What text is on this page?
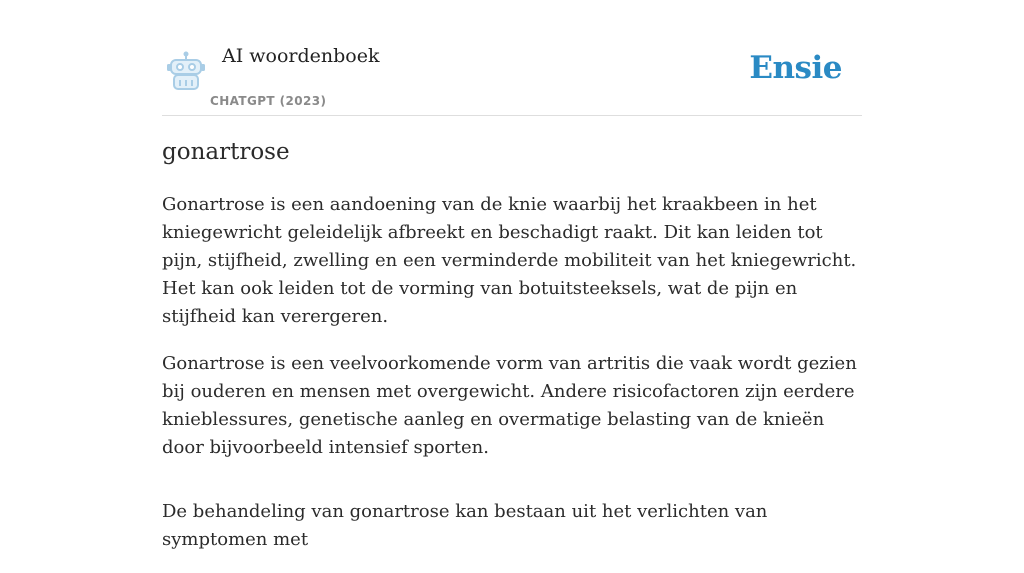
AI woordenboek
CHATGPT (2023)
Ensie
gonartrose

Gonartrose is een aandoening van de knie waarbij het kraakbeen in het kniegewricht geleidelijk afbreekt en beschadigt raakt. Dit kan leiden tot pijn, stijfheid, zwelling en een verminderde mobiliteit van het kniegewricht. Het kan ook leiden tot de vorming van botuitsteeksels, wat de pijn en stijfheid kan verergeren.

Gonartrose is een veelvoorkomende vorm van artritis die vaak wordt gezien bij ouderen en mensen met overgewicht. Andere risicofactoren zijn eerdere knieblessures, genetische aanleg en overmatige belasting van de knieën door bijvoorbeeld intensief sporten.

De behandeling van gonartrose kan bestaan uit het verlichten van symptomen met
